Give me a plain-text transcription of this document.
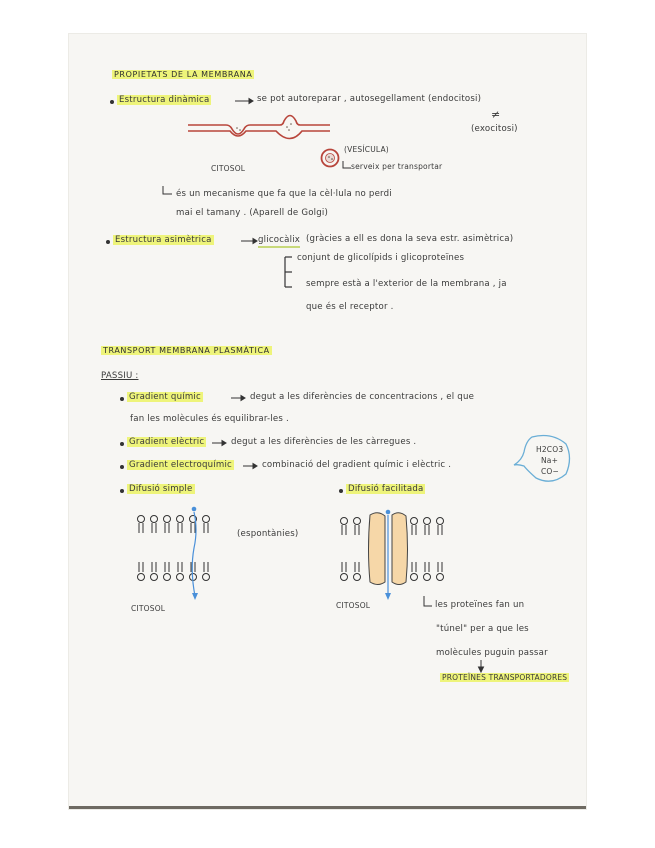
PROPIETATS DE LA MEMBRANA
Estructura dinàmica	se pot autoreparar , autosegellament (endocitosi)
≠
(exocitosi)
(VESÍCULA)
serveix per transportar
CITOSOL
és un mecanisme que fa que la cèl·lula no perdi
mai el tamany . (Aparell de Golgi)
Estructura asimètrica	glicocàlix (gràcies a ell es dona la seva estr. asimètrica)
conjunt de glicolípids i glicoproteïnes
sempre està a l'exterior de la membrana , ja
que és el receptor .
TRANSPORT MEMBRANA PLASMÀTICA
PASSIU :
Gradient químic	degut a les diferències de concentracions , el que
fan les molècules és equilibrar-les .
Gradient elèctric	degut a les diferències de les càrregues .
Gradient electroquímic	combinació del gradient químic i elèctric .
H2CO3
Na+
CO−
Difusió simple	Difusió facilitada
(espontànies)
CITOSOL	CITOSOL	les proteïnes fan un
"túnel" per a que les
molècules puguin passar
PROTEÏNES TRANSPORTADORES
